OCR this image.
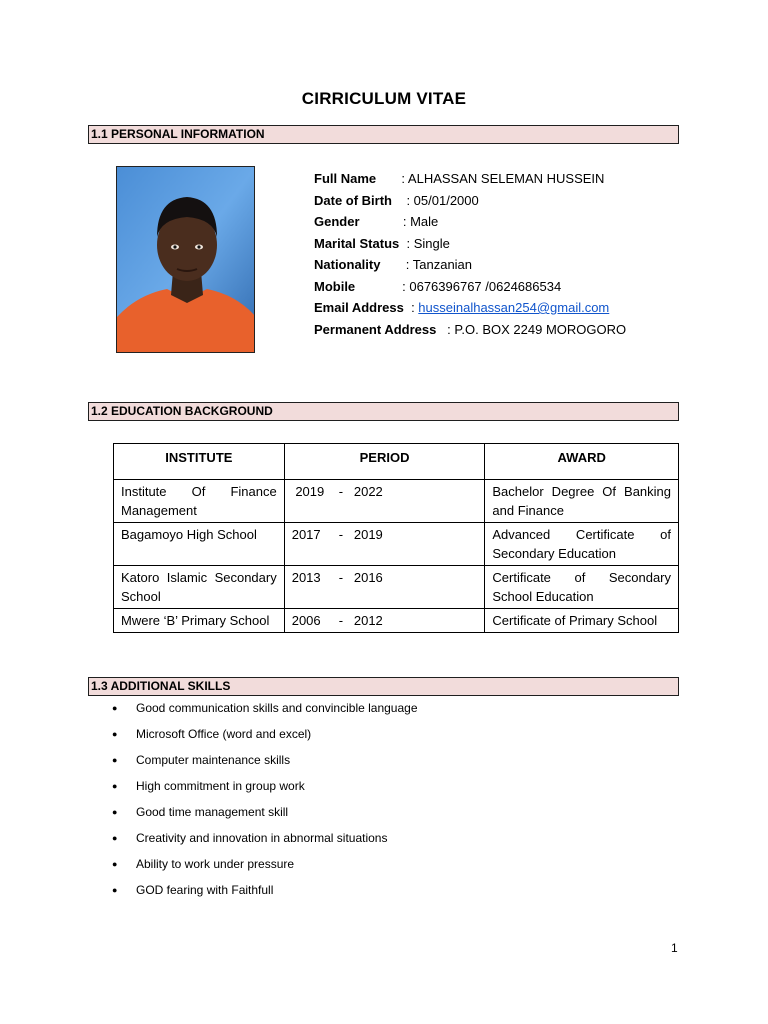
CIRRICULUM VITAE
1.1 PERSONAL INFORMATION
Full Name       : ALHASSAN SELEMAN HUSSEIN
Date of Birth    : 05/01/2000
Gender            : Male
Marital Status  : Single
Nationality       : Tanzanian
Mobile             : 0676396767 /0624686534
Email Address  : husseinalhassan254@gmail.com
Permanent Address   : P.O. BOX 2249 MOROGORO
1.2 EDUCATION BACKGROUND
INSTITUTE	PERIOD	AWARD
Institute Of Finance Management	2019    -   2022	Bachelor Degree Of Banking and Finance
Bagamoyo High School	2017     -   2019	Advanced Certificate of Secondary Education
Katoro Islamic Secondary School	2013     -   2016	Certificate of Secondary School Education
Mwere ‘B’ Primary School	2006     -   2012	Certificate of Primary School
1.3 ADDITIONAL SKILLS
● Good communication skills and convincible language
● Microsoft Office (word and excel)
● Computer maintenance skills
● High commitment in group work
● Good time management skill
● Creativity and innovation in abnormal situations
● Ability to work under pressure
● GOD fearing with Faithfull
1
